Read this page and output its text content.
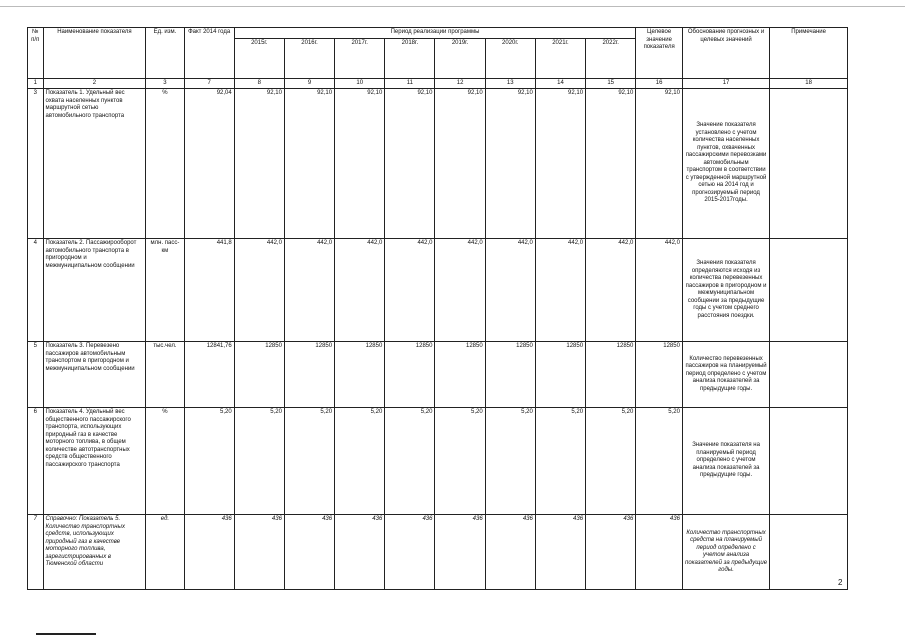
№ п/п	Наименование показателя	Ед. изм.	Факт 2014 года	Период реализации программы								Целевое значение показателя	Обоснование прогнозных и целевых значений	Примечание
				2015г.	2016г.	2017г.	2018г.	2019г.	2020г.	2021г.	2022г.			
1	2	3	7	8	9	10	11	12	13	14	15	16	17	18
3	Показатель 1. Удельный вес охвата населенных пунктов маршрутной сетью автомобильного транспорта	%	92,04	92,10	92,10	92,10	92,10	92,10	92,10	92,10	92,10	92,10	Значение показателя установлено с учетом количества населенных пунктов, охваченных пассажирскими перевозками автомобильным транспортом в соответствии с утвержденной маршрутной сетью на 2014 год и прогнозируемый период 2015-2017годы.	
4	Показатель 2. Пассажирооборот автомобильного транспорта в пригородном и межмуниципальном сообщении	млн. пасс-км	441,8	442,0	442,0	442,0	442,0	442,0	442,0	442,0	442,0	442,0	Значения показателя определяются исходя из количества перевезенных пассажиров в пригородном и межмуниципальном сообщении за предыдущие годы с учетом среднего расстояния поездки.	
5	Показатель 3. Перевезено пассажиров автомобильным транспортом в пригородном и межмуниципальном сообщении	тыс.чел.	12841,76	12850	12850	12850	12850	12850	12850	12850	12850	12850	Количество перевезенных пассажиров на планируемый период определено с учетом анализа показателей за предыдущие годы.	
6	Показатель 4. Удельный вес общественного пассажирского транспорта, использующих природный газ в качестве моторного топлива, в общем количестве автотранспортных средств общественного пассажирского транспорта	%	5,20	5,20	5,20	5,20	5,20	5,20	5,20	5,20	5,20	5,20	Значение показателя на планируемый период определено с учетом анализа показателей за предыдущие годы.	
7	Справочно: Показатель 5. Количество транспортных средств, использующих природный газ в качестве моторного топлива, зарегистрированных в Тюменской области	ед.	436	436	436	436	436	436	436	436	436	436	Количество транспортных средств на планируемый период определено с учетом анализа показателей за предыдущие годы.	
2
